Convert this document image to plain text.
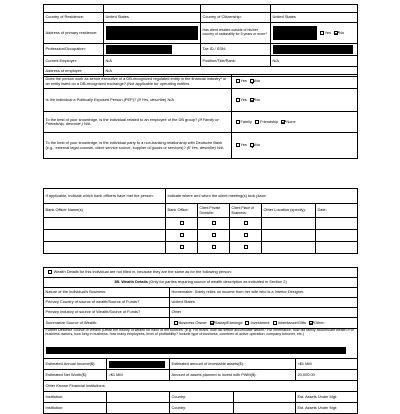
Country of Residence:	United States	Country of Citizenship:	United States
Address of primary residence:		Has client resided outside of his/her country of nationality for 5 years or more?	Yes No
Profession/Occupation:		Tax ID / SSN:	
Current Employer:	N/A	Position/Title/Rank:	N/A
Address of employer:	N/A		
Does the person work as senior executive of a DB-recognized regulated entity in the financial industry* or an entity listed on a DB-recognized exchange? (Not applicable for operating entities	Yes No
Is the individual a Politically Exposed Person (PEP)? (If Yes, describe) N/A	Yes No
To the best of your knowledge, is the individual related to an employee of the DB group? (If Family or Friendship, describe.) N/A	Family Friendship None
To the best of your knowledge, is the individual party to a non-banking relationship with Deutsche Bank (e.g., external legal counsel, client service source, supplier of goods or services)? (If Yes, describe) N/A	Yes No
If applicable, indicate which bank officers have met the person:	Indicate where and when the client meeting(s) took place:				
Bank Officer Name(s)	Bank Office:	Client Private Domicile:	Client Place of Business:	Other Location (specify):	Date:

Wealth Details for this individual are not filled in, because they are the same as for the following person:				
3B. Wealth Details (Only for parties requiring source of wealth description as indicated in Section 2)				
Nature of the Individual's Business:		Homemaker. Solely relies on income from her wife who is a Interior Designer.		
Primary Country of source of wealth/Source of Funds?		United States		
Primary Industry of source of Wealth/Source of Funds?		Other		
Summarize Source of Wealth:		Business Owner Salary/Earnings Investment Inheritance/Gifts Other:		

Further Describe Source of Wealth (Detail the history of wealth for each of the sources: (e.g. For trusts, how did settlor accumulate wealth? For inheritance, how did family accumulate wealth?For business owners, how long in business, how many employees, level of profitability? Include type of business, countries of active operation, company turnover, etc.)				

Estimated Annual Income($):		Estimated amount of investable assets($):		<$1 MM
Estimated Net Worth($):	>$1 MM	Amount of assets planned to invest with PWM($):		20,000.00
Other Known Financial Institutions:				
Institution:		Country:		Est. Assets Under Mgt:
Institution:		Country:		Est. Assets Under Mgt:
